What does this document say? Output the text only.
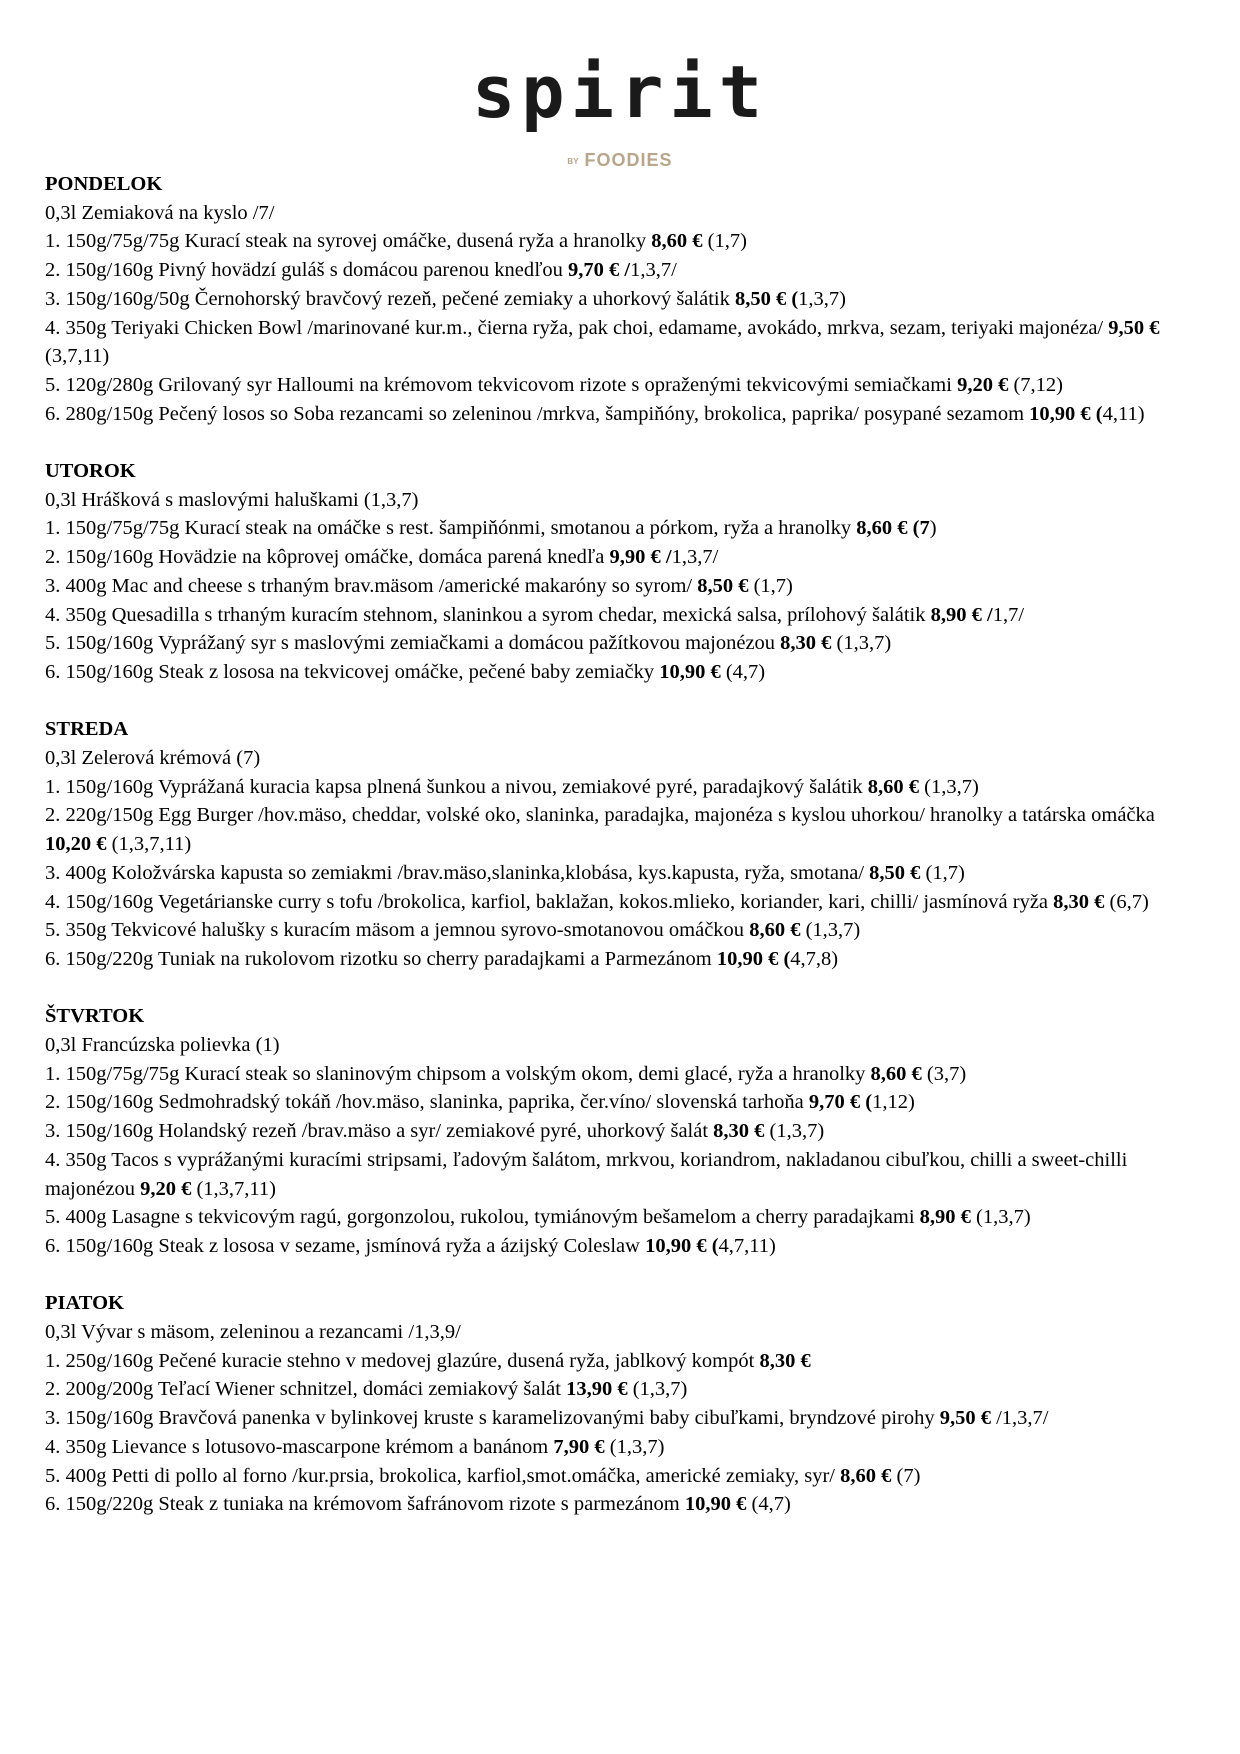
spirit
BY FOODIES
PONDELOK
0,3l Zemiaková na kyslo /7/
1. 150g/75g/75g Kurací steak na syrovej omáčke, dusená ryža a hranolky 8,60 € (1,7)
2. 150g/160g Pivný hovädzí guláš s domácou parenou knedľou 9,70 € /1,3,7/
3. 150g/160g/50g Černohorský bravčový rezeň, pečené zemiaky a uhorkový šalátik 8,50 € (1,3,7)
4. 350g Teriyaki Chicken Bowl /marinované kur.m., čierna ryža, pak choi, edamame, avokádo, mrkva, sezam, teriyaki majonéza/ 9,50 € (3,7,11)
5. 120g/280g Grilovaný syr Halloumi na krémovom tekvicovom rizote s opraženými tekvicovými semiačkami 9,20 € (7,12)
6. 280g/150g Pečený losos so Soba rezancami so zeleninou /mrkva, šampiňóny, brokolica, paprika/ posypané sezamom 10,90 € (4,11)
UTOROK
0,3l Hrášková s maslovými haluškami (1,3,7)
1. 150g/75g/75g Kurací steak na omáčke s rest. šampiňónmi, smotanou a pórkom, ryža a hranolky 8,60 € (7)
2. 150g/160g Hovädzie na kôprovej omáčke, domáca parená knedľa 9,90 € /1,3,7/
3. 400g Mac and cheese s trhaným brav.mäsom /americké makaróny so syrom/ 8,50 € (1,7)
4. 350g Quesadilla s trhaným kuracím stehnom, slaninkou a syrom chedar, mexická salsa, prílohový šalátik 8,90 € /1,7/
5. 150g/160g Vyprážaný syr s maslovými zemiačkami a domácou pažítkovou majonézou 8,30 € (1,3,7)
6. 150g/160g Steak z lososa na tekvicovej omáčke, pečené baby zemiačky 10,90 € (4,7)
STREDA
0,3l Zelerová krémová (7)
1. 150g/160g Vyprážaná kuracia kapsa plnená šunkou a nivou, zemiakové pyré, paradajkový šalátik 8,60 € (1,3,7)
2. 220g/150g Egg Burger /hov.mäso, cheddar, volské oko, slaninka, paradajka, majonéza s kyslou uhorkou/ hranolky a tatárska omáčka 10,20 € (1,3,7,11)
3. 400g Koložvárska kapusta so zemiakmi /brav.mäso,slaninka,klobása, kys.kapusta, ryža, smotana/ 8,50 € (1,7)
4. 150g/160g Vegetárianske curry s tofu /brokolica, karfiol, baklažan, kokos.mlieko, koriander, kari, chilli/ jasmínová ryža 8,30 € (6,7)
5. 350g Tekvicové halušky s kuracím mäsom a jemnou syrovo-smotanovou omáčkou 8,60 € (1,3,7)
6. 150g/220g Tuniak na rukolovom rizotku so cherry paradajkami a Parmezánom 10,90 € (4,7,8)
ŠTVRTOK
0,3l Francúzska polievka (1)
1. 150g/75g/75g Kurací steak so slaninovým chipsom a volským okom, demi glacé, ryža a hranolky 8,60 € (3,7)
2. 150g/160g Sedmohradský tokáň /hov.mäso, slaninka, paprika, čer.víno/ slovenská tarhoňa 9,70 € (1,12)
3. 150g/160g Holandský rezeň /brav.mäso a syr/ zemiakové pyré, uhorkový šalát 8,30 € (1,3,7)
4. 350g Tacos s vyprážanými kuracími stripsami, ľadovým šalátom, mrkvou, koriandrom, nakladanou cibuľkou, chilli a sweet-chilli majonézou 9,20 € (1,3,7,11)
5. 400g Lasagne s tekvicovým ragú, gorgonzolou, rukolou, tymiánovým bešamelom a cherry paradajkami 8,90 € (1,3,7)
6. 150g/160g Steak z lososa v sezame, jsmínová ryža a ázijský Coleslaw 10,90 € (4,7,11)
PIATOK
0,3l Vývar s mäsom, zeleninou a rezancami /1,3,9/
1. 250g/160g Pečené kuracie stehno v medovej glazúre, dusená ryža, jablkový kompót 8,30 €
2. 200g/200g Teľací Wiener schnitzel, domáci zemiakový šalát 13,90 € (1,3,7)
3. 150g/160g Bravčová panenka v bylinkovej kruste s karamelizovanými baby cibuľkami, bryndzové pirohy 9,50 € /1,3,7/
4. 350g Lievance s lotusovo-mascarpone krémom a banánom 7,90 € (1,3,7)
5. 400g Petti di pollo al forno /kur.prsia, brokolica, karfiol,smot.omáčka, americké zemiaky, syr/ 8,60 € (7)
6. 150g/220g Steak z tuniaka na krémovom šafránovom rizote s parmezánom 10,90 € (4,7)
